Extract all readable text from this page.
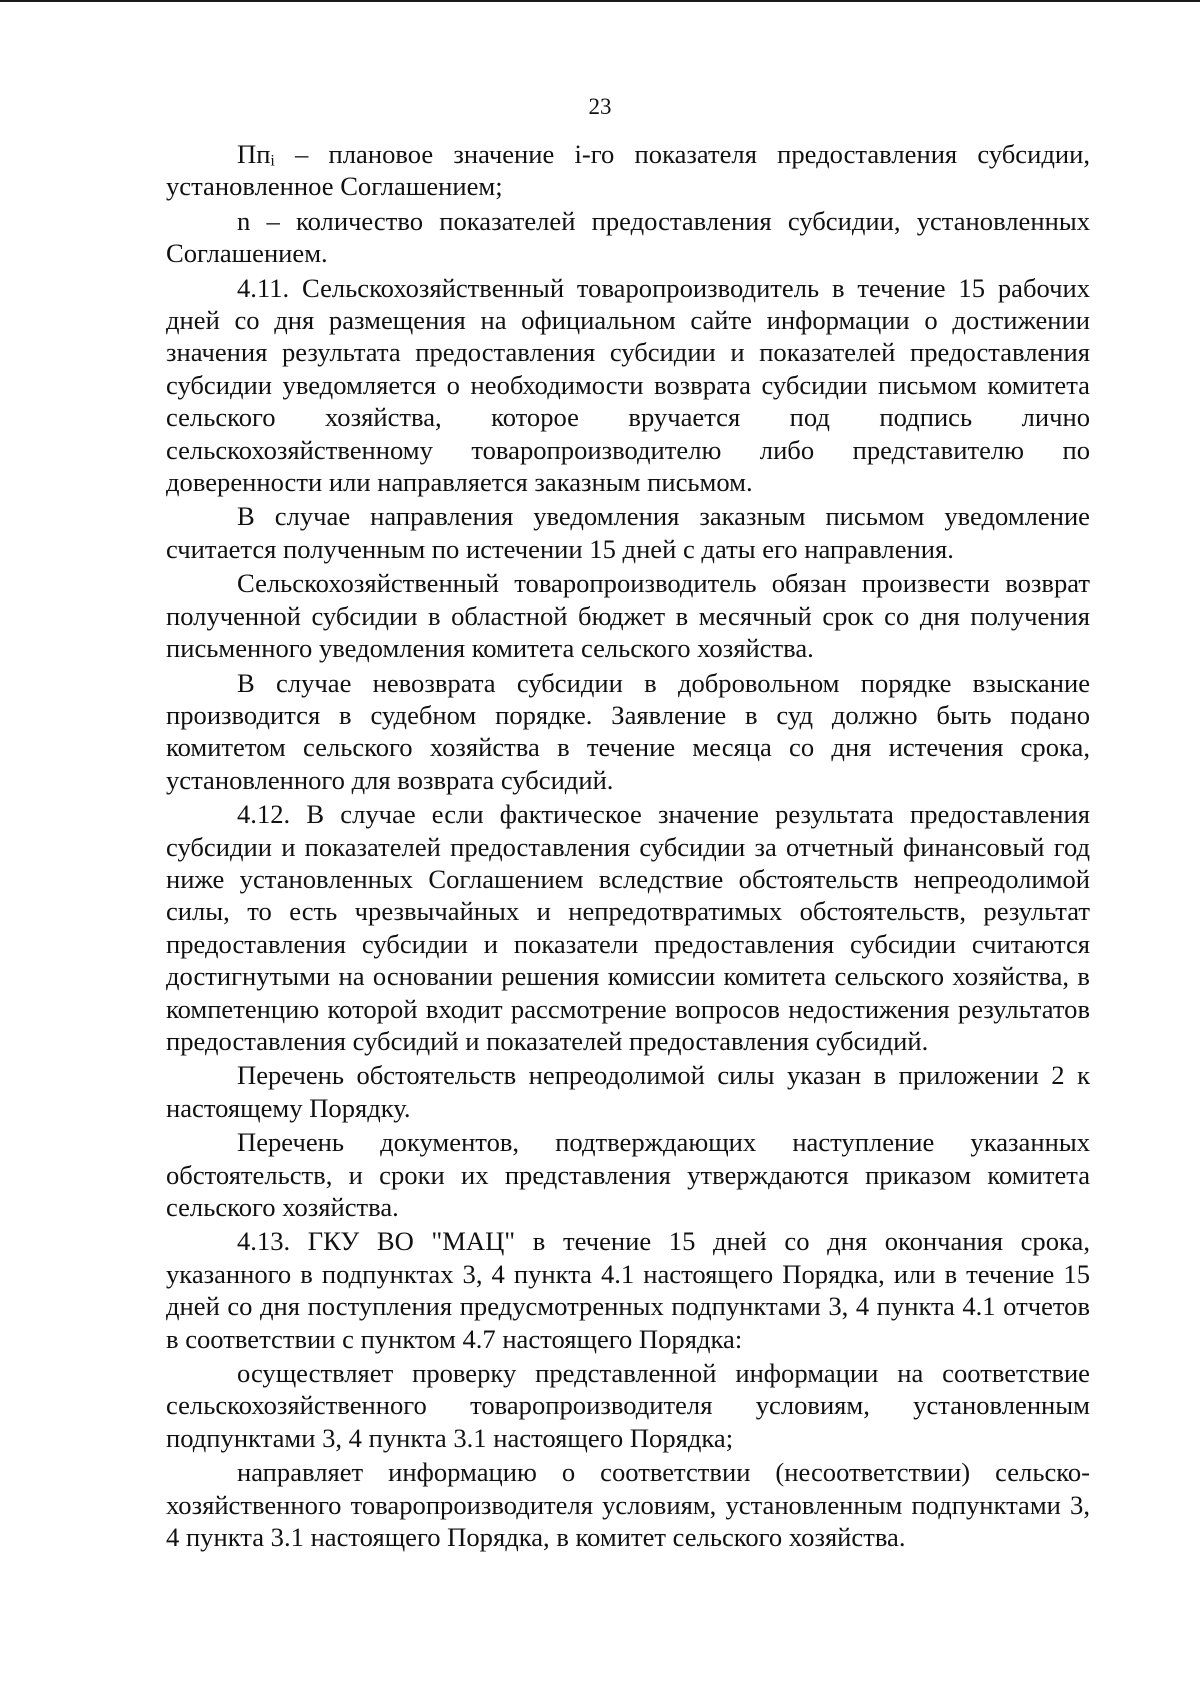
23

Ппᵢ – плановое значение i-го показателя предоставления субсидии, установленное Соглашением;

n – количество показателей предоставления субсидии, установленных Соглашением.

4.11. Сельскохозяйственный товаропроизводитель в течение 15 рабочих дней со дня размещения на официальном сайте информации о достижении значения результата предоставления субсидии и показателей предоставления субсидии уведомляется о необходимости возврата субсидии письмом комитета сельского хозяйства, которое вручается под подпись лично сельскохозяйственному товаропроизводителю либо представителю по доверенности или направляется заказным письмом.

В случае направления уведомления заказным письмом уведомление считается полученным по истечении 15 дней с даты его направления.

Сельскохозяйственный товаропроизводитель обязан произвести возврат полученной субсидии в областной бюджет в месячный срок со дня получения письменного уведомления комитета сельского хозяйства.

В случае невозврата субсидии в добровольном порядке взыскание производится в судебном порядке. Заявление в суд должно быть подано комитетом сельского хозяйства в течение месяца со дня истечения срока, установленного для возврата субсидий.

4.12. В случае если фактическое значение результата предоставления субсидии и показателей предоставления субсидии за отчетный финансовый год ниже установленных Соглашением вследствие обстоятельств непреодолимой силы, то есть чрезвычайных и непредотвратимых обстоятельств, результат предоставления субсидии и показатели предоставления субсидии считаются достигнутыми на основании решения комиссии комитета сельского хозяйства, в компетенцию которой входит рассмотрение вопросов недостижения результатов предоставления субсидий и показателей предоставления субсидий.

Перечень обстоятельств непреодолимой силы указан в приложении 2 к настоящему Порядку.

Перечень документов, подтверждающих наступление указанных обстоятельств, и сроки их представления утверждаются приказом комитета сельского хозяйства.

4.13. ГКУ ВО "МАЦ" в течение 15 дней со дня окончания срока, указанного в подпунктах 3, 4 пункта 4.1 настоящего Порядка, или в течение 15 дней со дня поступления предусмотренных подпунктами 3, 4 пункта 4.1 отчетов в соответствии с пунктом 4.7 настоящего Порядка:

осуществляет проверку представленной информации на соответствие сельскохозяйственного товаропроизводителя условиям, установленным подпунктами 3, 4 пункта 3.1 настоящего Порядка;

направляет информацию о соответствии (несоответствии) сельскохозяйственного товаропроизводителя условиям, установленным подпунктами 3, 4 пункта 3.1 настоящего Порядка, в комитет сельского хозяйства.
